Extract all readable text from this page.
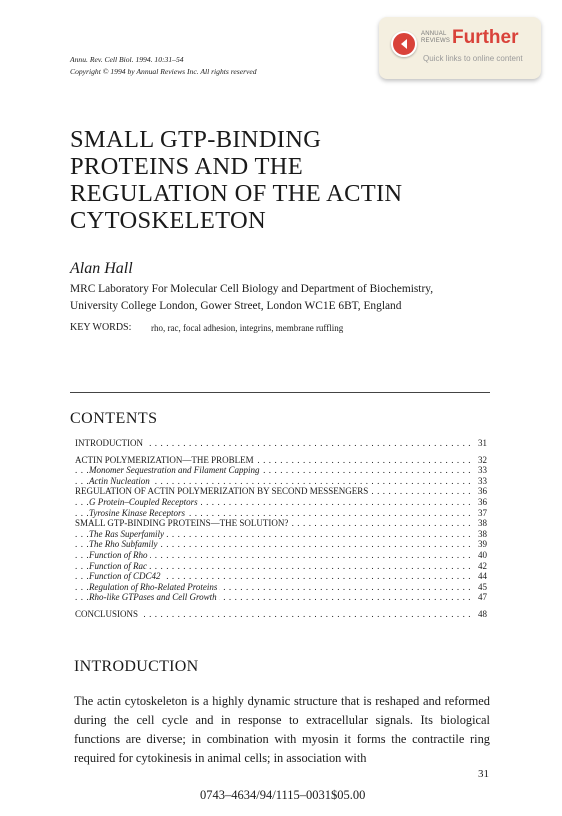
Annu. Rev. Cell Biol. 1994. 10:31–54
Copyright © 1994 by Annual Reviews Inc. All rights reserved
ANNUAL
REVIEWS Further
Quick links to online content
SMALL GTP-BINDING
PROTEINS AND THE
REGULATION OF THE ACTIN
CYTOSKELETON
Alan Hall
MRC Laboratory For Molecular Cell Biology and Department of Biochemistry,
University College London, Gower Street, London WC1E 6BT, England
KEY WORDS: rho, rac, focal adhesion, integrins, membrane ruffling
CONTENTS
. . .
INTRODUCTION	31
. . .
ACTIN POLYMERIZATION—THE PROBLEM	32
. . .
Monomer Sequestration and Filament Capping	33
. . .
Actin Nucleation	33
. . .
REGULATION OF ACTIN POLYMERIZATION BY SECOND MESSENGERS	36
. . .
G Protein–Coupled Receptors	36
. . .
Tyrosine Kinase Receptors	37
. . .
SMALL GTP-BINDING PROTEINS—THE SOLUTION?	38
. . .
The Ras Superfamily	38
. . .
The Rho Subfamily	39
. . .
Function of Rho	40
. . .
Function of Rac	42
. . .
Function of CDC42	44
. . .
Regulation of Rho-Related Proteins	45
. . .
Rho-like GTPases and Cell Growth	47
. . .
CONCLUSIONS	48
INTRODUCTION
The actin cytoskeleton is a highly dynamic structure that is reshaped and reformed during the cell cycle and in response to extracellular signals. Its biological functions are diverse; in combination with myosin it forms the contractile ring required for cytokinesis in animal cells; in association with
31
0743–4634/94/1115–0031$05.00
